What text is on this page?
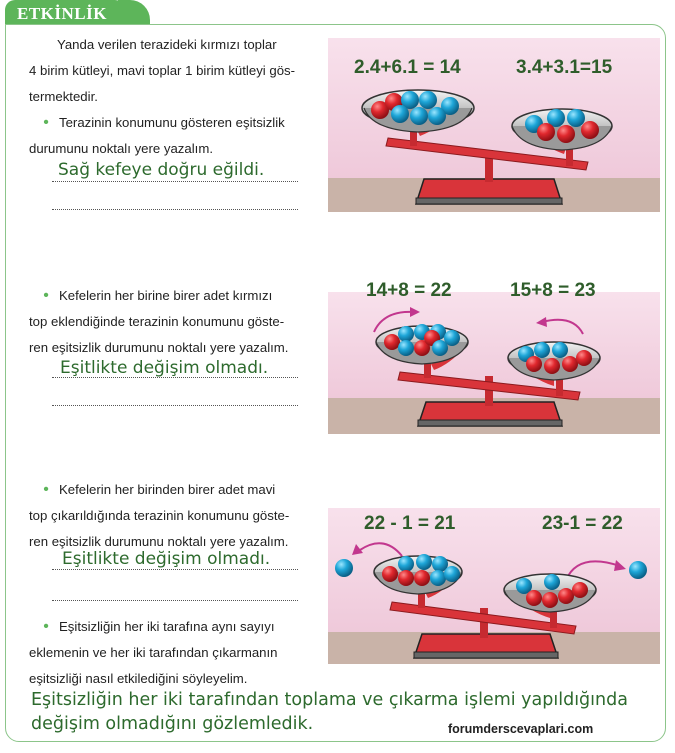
ETKİNLİK
Yanda verilen terazideki kırmızı toplar
4 birim kütleyi, mavi toplar 1 birim kütleyi gös-
termektedir.
• Terazinin konumunu gösteren eşitsizlik
durumunu noktalı yere yazalım.
Sağ kefeye doğru eğildi.
• Kefelerin her birine birer adet kırmızı
top eklendiğinde terazinin konumunu göste-
ren eşitsizlik durumunu noktalı yere yazalım.
Eşitlikte değişim olmadı.
• Kefelerin her birinden birer adet mavi
top çıkarıldığında terazinin konumunu göste-
ren eşitsizlik durumunu noktalı yere yazalım.
Eşitlikte değişim olmadı.
• Eşitsizliğin her iki tarafına aynı sayıyı
eklemenin ve her iki tarafından çıkarmanın
eşitsizliği nasıl etkilediğini söyleyelim.
Eşitsizliğin her iki tarafından toplama ve çıkarma işlemi yapıldığında
değişim olmadığını gözlemledik.	forumderscevaplari.com
2.4+6.1 = 14	3.4+3.1=15
14+8 = 22	15+8 = 23
22 - 1 = 21	23-1 = 22
